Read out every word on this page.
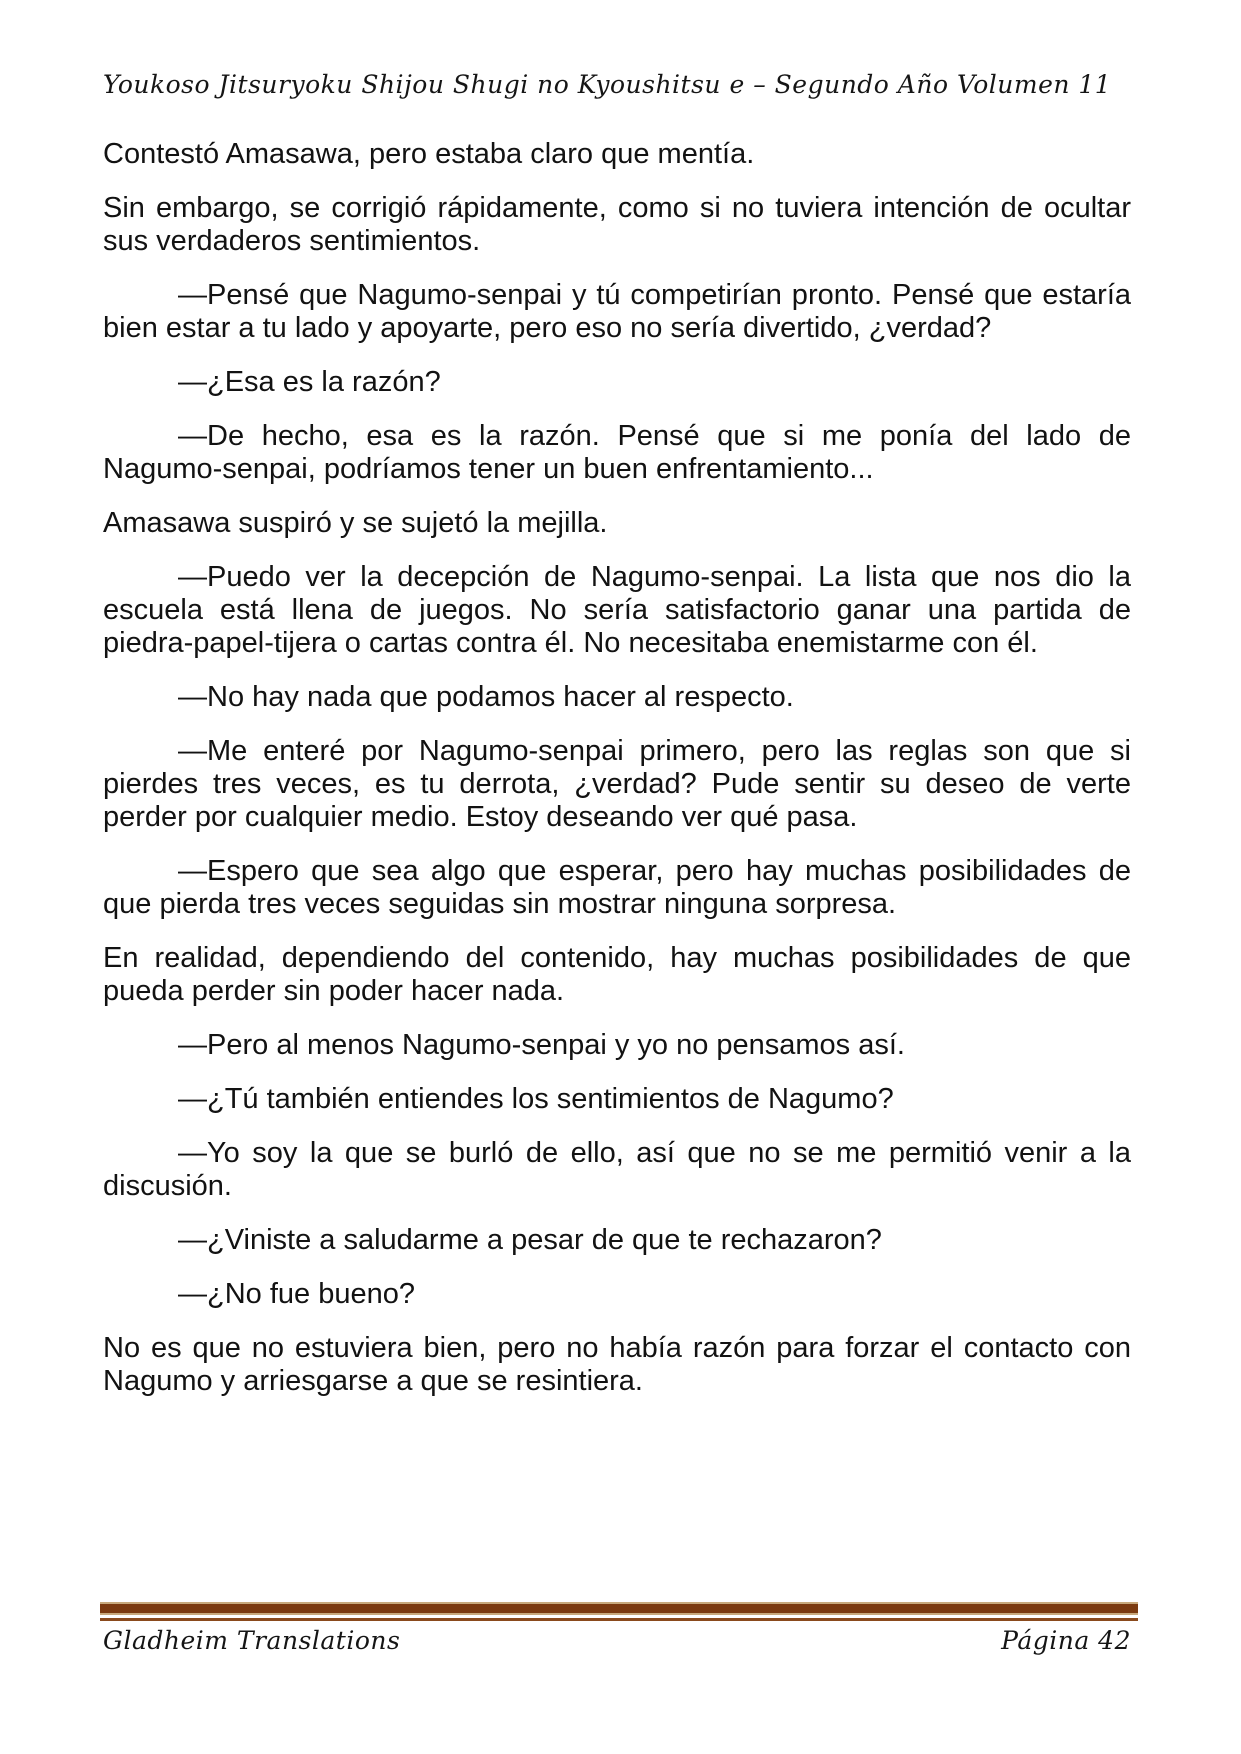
Youkoso Jitsuryoku Shijou Shugi no Kyoushitsu e – Segundo Año Volumen 11

Contestó Amasawa, pero estaba claro que mentía.

Sin embargo, se corrigió rápidamente, como si no tuviera intención de ocultar sus verdaderos sentimientos.

—Pensé que Nagumo-senpai y tú competirían pronto. Pensé que estaría bien estar a tu lado y apoyarte, pero eso no sería divertido, ¿verdad?

—¿Esa es la razón?

—De hecho, esa es la razón. Pensé que si me ponía del lado de Nagumo-senpai, podríamos tener un buen enfrentamiento...

Amasawa suspiró y se sujetó la mejilla.

—Puedo ver la decepción de Nagumo-senpai. La lista que nos dio la escuela está llena de juegos. No sería satisfactorio ganar una partida de piedra-papel-tijera o cartas contra él. No necesitaba enemistarme con él.

—No hay nada que podamos hacer al respecto.

—Me enteré por Nagumo-senpai primero, pero las reglas son que si pierdes tres veces, es tu derrota, ¿verdad? Pude sentir su deseo de verte perder por cualquier medio. Estoy deseando ver qué pasa.

—Espero que sea algo que esperar, pero hay muchas posibilidades de que pierda tres veces seguidas sin mostrar ninguna sorpresa.

En realidad, dependiendo del contenido, hay muchas posibilidades de que pueda perder sin poder hacer nada.

—Pero al menos Nagumo-senpai y yo no pensamos así.

—¿Tú también entiendes los sentimientos de Nagumo?

—Yo soy la que se burló de ello, así que no se me permitió venir a la discusión.

—¿Viniste a saludarme a pesar de que te rechazaron?

—¿No fue bueno?

No es que no estuviera bien, pero no había razón para forzar el contacto con Nagumo y arriesgarse a que se resintiera.

Gladheim Translations	Página 42
